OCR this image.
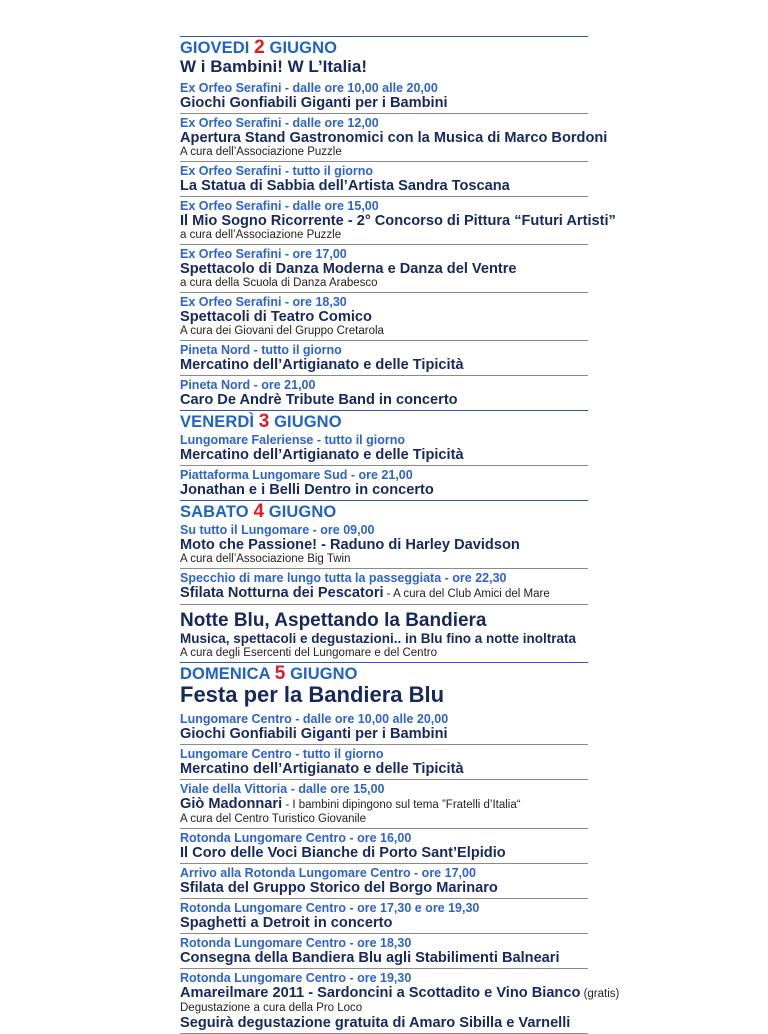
GIOVEDI 2 GIUGNO
W i Bambini! W L’Italia!
Ex Orfeo Serafini - dalle ore 10,00 alle 20,00
Giochi Gonfiabili Giganti per i Bambini
Ex Orfeo Serafini - dalle ore 12,00
Apertura Stand Gastronomici con la Musica di Marco Bordoni
A cura dell’Associazione Puzzle
Ex Orfeo Serafini - tutto il giorno
La Statua di Sabbia dell’Artista Sandra Toscana
Ex Orfeo Serafini - dalle ore 15,00
Il Mio Sogno Ricorrente - 2° Concorso di Pittura “Futuri Artisti”
a cura dell’Associazione Puzzle
Ex Orfeo Serafini - ore 17,00
Spettacolo di Danza Moderna e Danza del Ventre
a cura della Scuola di Danza Arabesco
Ex Orfeo Serafini - ore 18,30
Spettacoli di Teatro Comico
A cura dei Giovani del Gruppo Cretarola
Pineta Nord - tutto il giorno
Mercatino dell’Artigianato e delle Tipicità
Pineta Nord - ore 21,00
Caro De Andrè Tribute Band in concerto
VENERDÌ 3 GIUGNO
Lungomare Faleriense - tutto il giorno
Mercatino dell’Artigianato e delle Tipicità
Piattaforma Lungomare Sud - ore 21,00
Jonathan e i Belli Dentro in concerto
SABATO 4 GIUGNO
Su tutto il Lungomare - ore 09,00
Moto che Passione! - Raduno di Harley Davidson
A cura dell’Associazione Big Twin
Specchio di mare lungo tutta la passeggiata - ore 22,30
Sfilata Notturna dei Pescatori - A cura del Club Amici del Mare
Notte Blu, Aspettando la Bandiera
Musica, spettacoli e degustazioni.. in Blu fino a notte inoltrata
A cura degli Esercenti del Lungomare e del Centro
DOMENICA 5 GIUGNO
Festa per la Bandiera Blu
Lungomare Centro - dalle ore 10,00 alle 20,00
Giochi Gonfiabili Giganti per i Bambini
Lungomare Centro - tutto il giorno
Mercatino dell’Artigianato e delle Tipicità
Viale della Vittoria - dalle ore 15,00
Giò Madonnari - I bambini dipingono sul tema ”Fratelli d’Italia“
A cura del Centro Turistico Giovanile
Rotonda Lungomare Centro - ore 16,00
Il Coro delle Voci Bianche di Porto Sant’Elpidio
Arrivo alla Rotonda Lungomare Centro - ore 17,00
Sfilata del Gruppo Storico del Borgo Marinaro
Rotonda Lungomare Centro - ore 17,30 e ore 19,30
Spaghetti a Detroit in concerto
Rotonda Lungomare Centro - ore 18,30
Consegna della Bandiera Blu agli Stabilimenti Balneari
Rotonda Lungomare Centro - ore 19,30
Amareilmare 2011 - Sardoncini a Scottadito e Vino Bianco (gratis)
Degustazione a cura della Pro Loco
Seguirà degustazione gratuita di Amaro Sibilla e Varnelli
